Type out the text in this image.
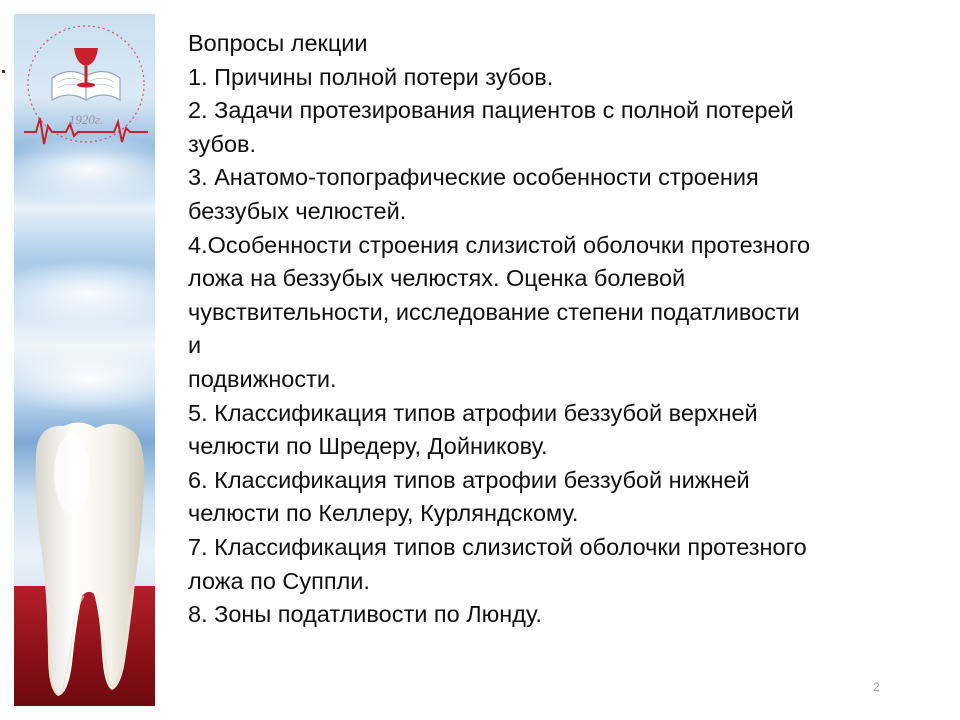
1920г.
Вопросы лекции
1. Причины полной потери зубов.
2. Задачи протезирования пациентов с полной потерей
зубов.
3. Анатомо-топографические особенности строения
беззубых челюстей.
4.Особенности строения слизистой оболочки протезного
ложа на беззубых челюстях. Оценка болевой
чувствительности, исследование степени податливости
и
подвижности.
5. Классификация типов атрофии беззубой верхней
челюсти по Шредеру, Дойникову.
6. Классификация типов атрофии беззубой нижней
челюсти по Келлеру, Курляндскому.
7. Классификация типов слизистой оболочки протезного
ложа по Суппли.
8. Зоны податливости по Люнду.
2
